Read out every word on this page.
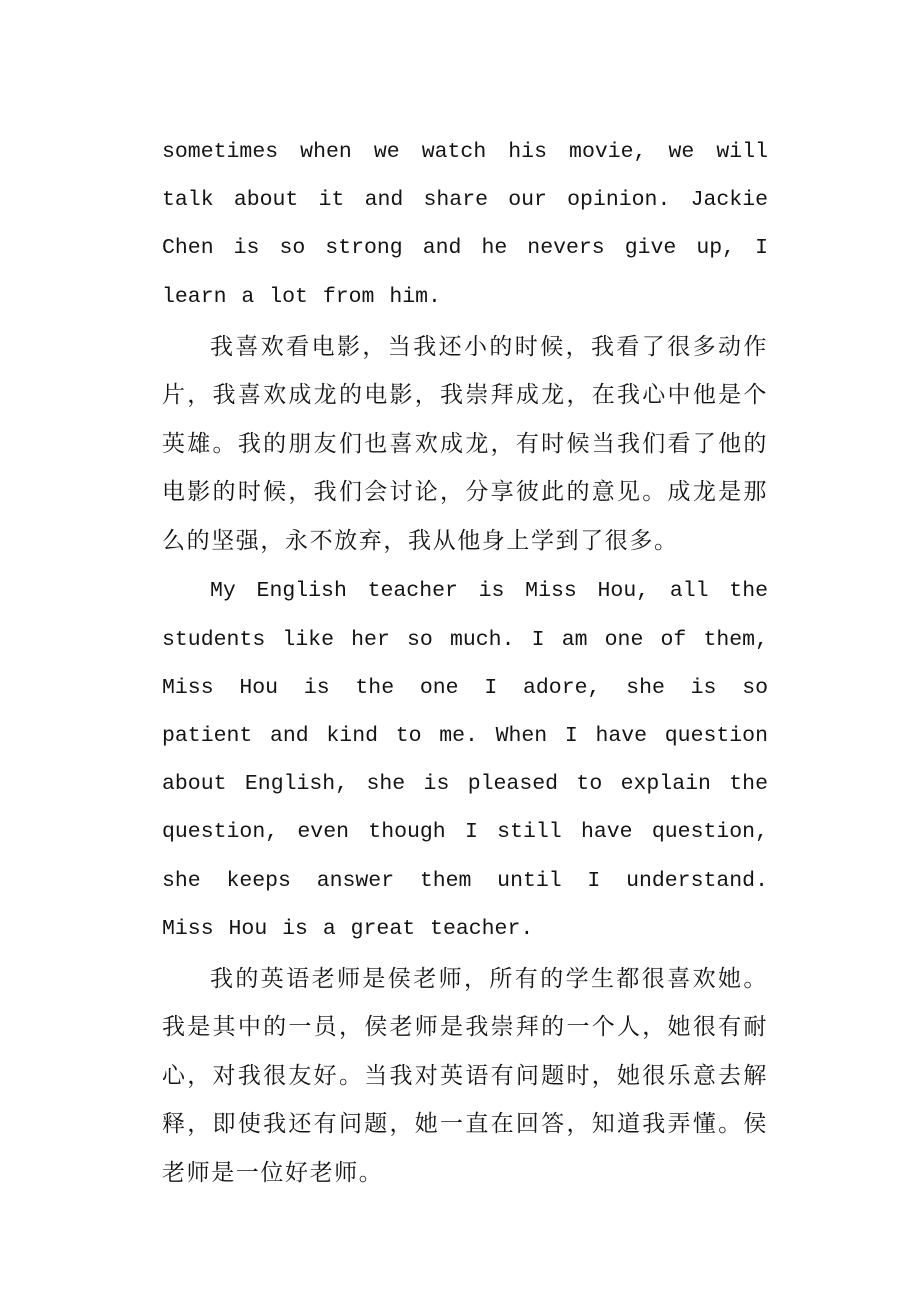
sometimes when we watch his movie, we will talk about it and share our opinion. Jackie Chen is so strong and he nevers give up, I learn a lot from him.

我喜欢看电影，当我还小的时候，我看了很多动作片，我喜欢成龙的电影，我崇拜成龙，在我心中他是个英雄。我的朋友们也喜欢成龙，有时候当我们看了他的电影的时候，我们会讨论，分享彼此的意见。成龙是那么的坚强，永不放弃，我从他身上学到了很多。

My English teacher is Miss Hou, all the students like her so much. I am one of them, Miss Hou is the one I adore, she is so patient and kind to me. When I have question about English, she is pleased to explain the question, even though I still have question, she keeps answer them until I understand. Miss Hou is a great teacher.

我的英语老师是侯老师，所有的学生都很喜欢她。我是其中的一员，侯老师是我崇拜的一个人，她很有耐心，对我很友好。当我对英语有问题时，她很乐意去解释，即使我还有问题，她一直在回答，知道我弄懂。侯老师是一位好老师。
